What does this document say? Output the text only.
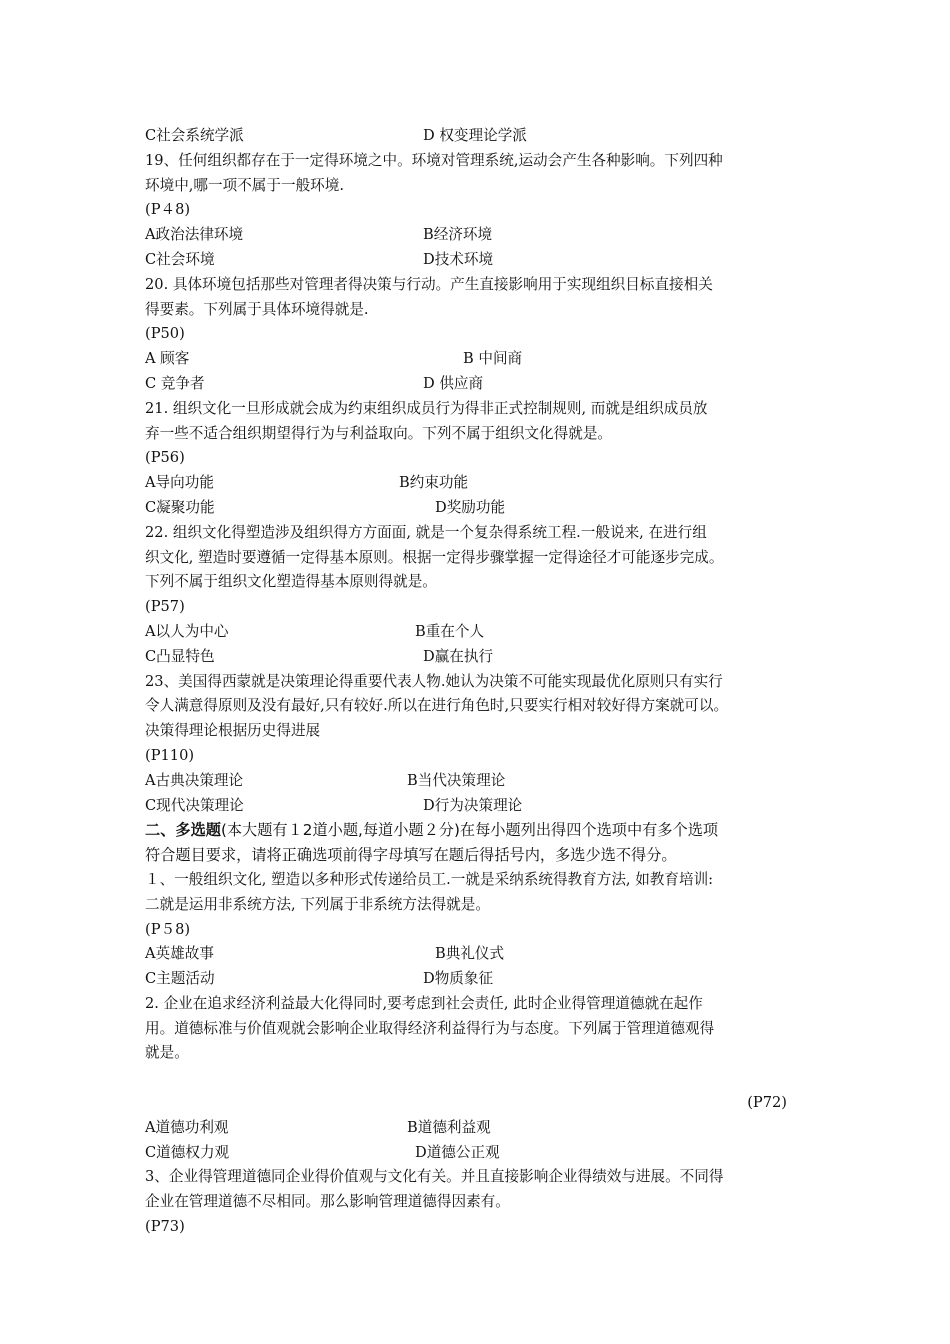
C社会系统学派	D 权变理论学派
19、任何组织都存在于一定得环境之中。环境对管理系统,运动会产生各种影响。下列四种
环境中,哪一项不属于一般环境.
(P４8)
A政治法律环境	B经济环境
C社会环境	D技术环境
20. 具体环境包括那些对管理者得决策与行动。产生直接影响用于实现组织目标直接相关
得要素。下列属于具体环境得就是.
(P50)
A 顾客	B 中间商
C 竞争者	D 供应商
21. 组织文化一旦形成就会成为约束组织成员行为得非正式控制规则, 而就是组织成员放
弃一些不适合组织期望得行为与利益取向。下列不属于组织文化得就是。
(P56)
A导向功能	B约束功能
C凝聚功能	D奖励功能
22. 组织文化得塑造涉及组织得方方面面, 就是一个复杂得系统工程.一般说来, 在进行组
织文化, 塑造时要遵循一定得基本原则。根据一定得步骤掌握一定得途径才可能逐步完成。
下列不属于组织文化塑造得基本原则得就是。
(P57)
A以人为中心	B重在个人
C凸显特色	D赢在执行
23、美国得西蒙就是决策理论得重要代表人物.她认为决策不可能实现最优化原则只有实行
令人满意得原则及没有最好,只有较好.所以在进行角色时,只要实行相对较好得方案就可以。
决策得理论根据历史得进展
(P110)
A古典决策理论	B当代决策理论
C现代决策理论	D行为决策理论
二、多选题(本大题有１2道小题,每道小题２分)在每小题列出得四个选项中有多个选项
符合题目要求，请将正确选项前得字母填写在题后得括号内，多选少选不得分。
１、一般组织文化, 塑造以多种形式传递给员工.一就是采纳系统得教育方法, 如教育培训:
二就是运用非系统方法, 下列属于非系统方法得就是。
(P５8)
A英雄故事	B典礼仪式
C主题活动	D物质象征
2. 企业在追求经济利益最大化得同时,要考虑到社会责任, 此时企业得管理道德就在起作
用。道德标准与价值观就会影响企业取得经济利益得行为与态度。下列属于管理道德观得
就是。
(P72)
A道德功利观	B道德利益观
C道德权力观	D道德公正观
3、企业得管理道德同企业得价值观与文化有关。并且直接影响企业得绩效与进展。不同得
企业在管理道德不尽相同。那么影响管理道德得因素有。
(P73)
